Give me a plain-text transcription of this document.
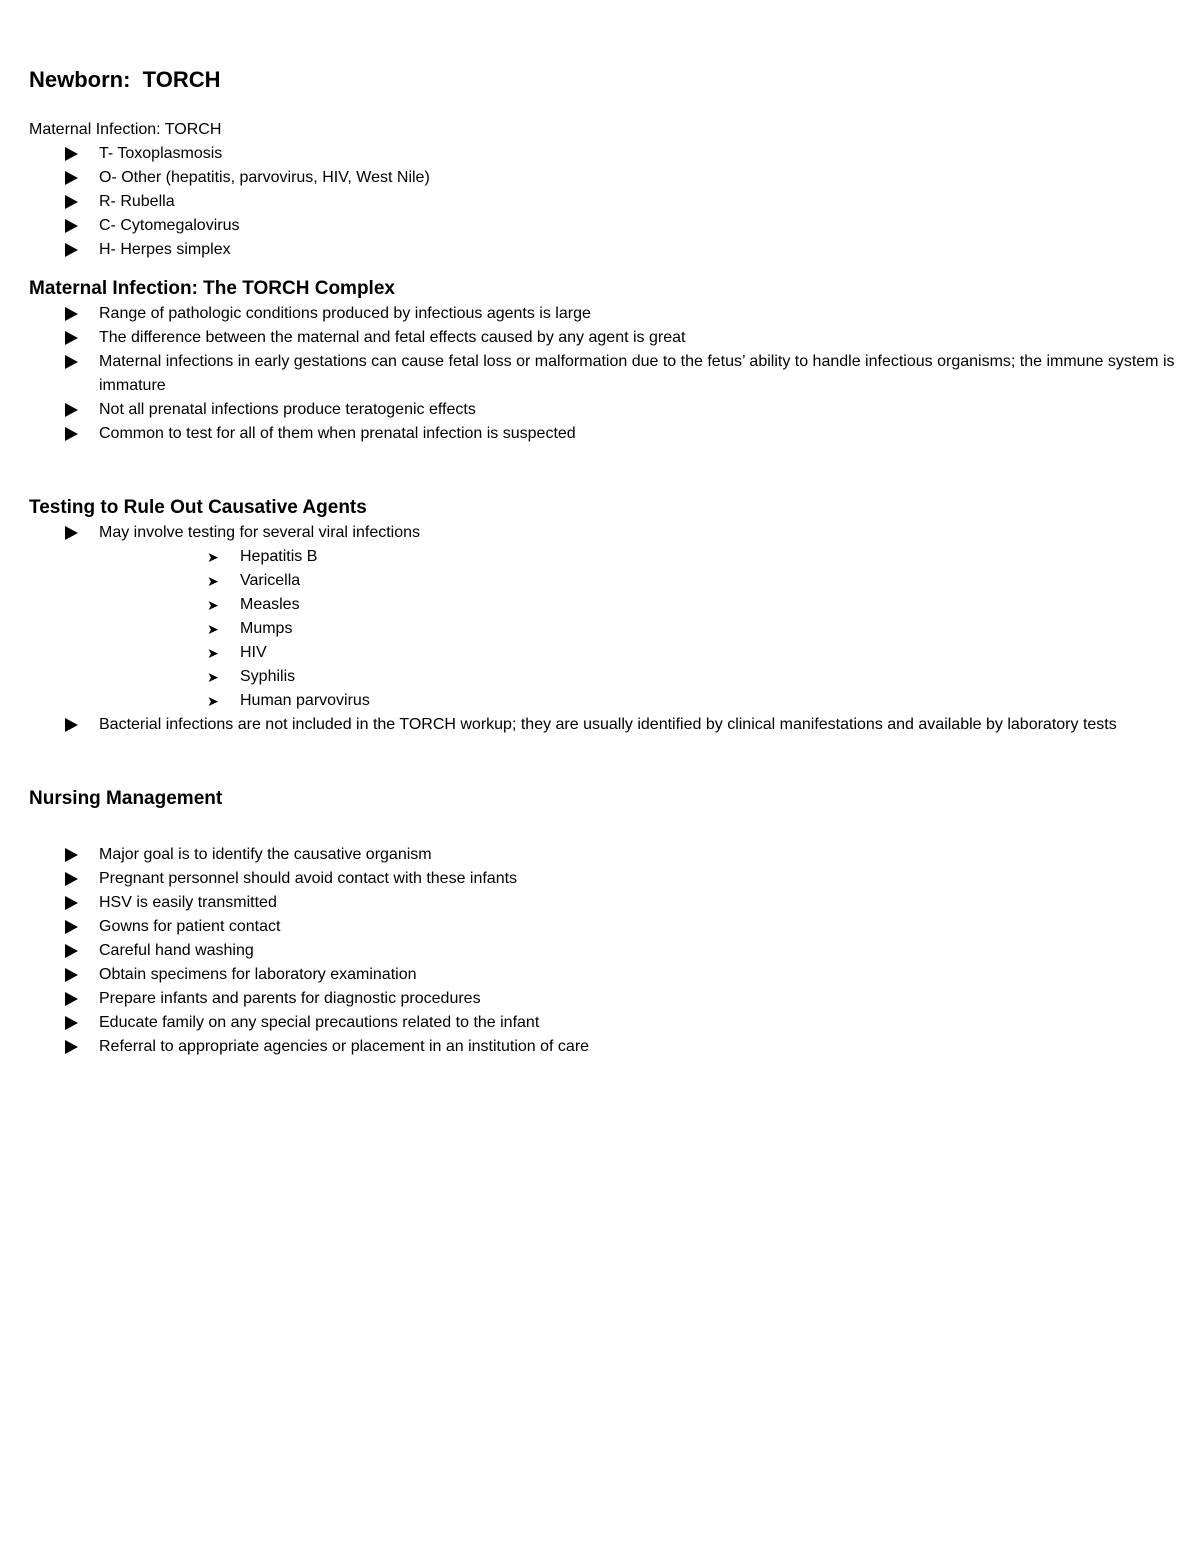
Newborn:  TORCH

Maternal Infection: TORCH

T- Toxoplasmosis
O- Other (hepatitis, parvovirus, HIV, West Nile)
R- Rubella
C- Cytomegalovirus
H- Herpes simplex
Maternal Infection: The TORCH Complex
Range of pathologic conditions produced by infectious agents is large
The difference between the maternal and fetal effects caused by any agent is great
Maternal infections in early gestations can cause fetal loss or malformation due to the fetus’ ability to handle infectious organisms; the immune system is immature
Not all prenatal infections produce teratogenic effects
Common to test for all of them when prenatal infection is suspected
Testing to Rule Out Causative Agents
May involve testing for several viral infections
➤ Hepatitis B
➤ Varicella
➤ Measles
➤ Mumps
➤ HIV
➤ Syphilis
➤ Human parvovirus
Bacterial infections are not included in the TORCH workup; they are usually identified by clinical manifestations and available by laboratory tests
Nursing Management
Major goal is to identify the causative organism
Pregnant personnel should avoid contact with these infants
HSV is easily transmitted
Gowns for patient contact
Careful hand washing
Obtain specimens for laboratory examination
Prepare infants and parents for diagnostic procedures
Educate family on any special precautions related to the infant
Referral to appropriate agencies or placement in an institution of care
